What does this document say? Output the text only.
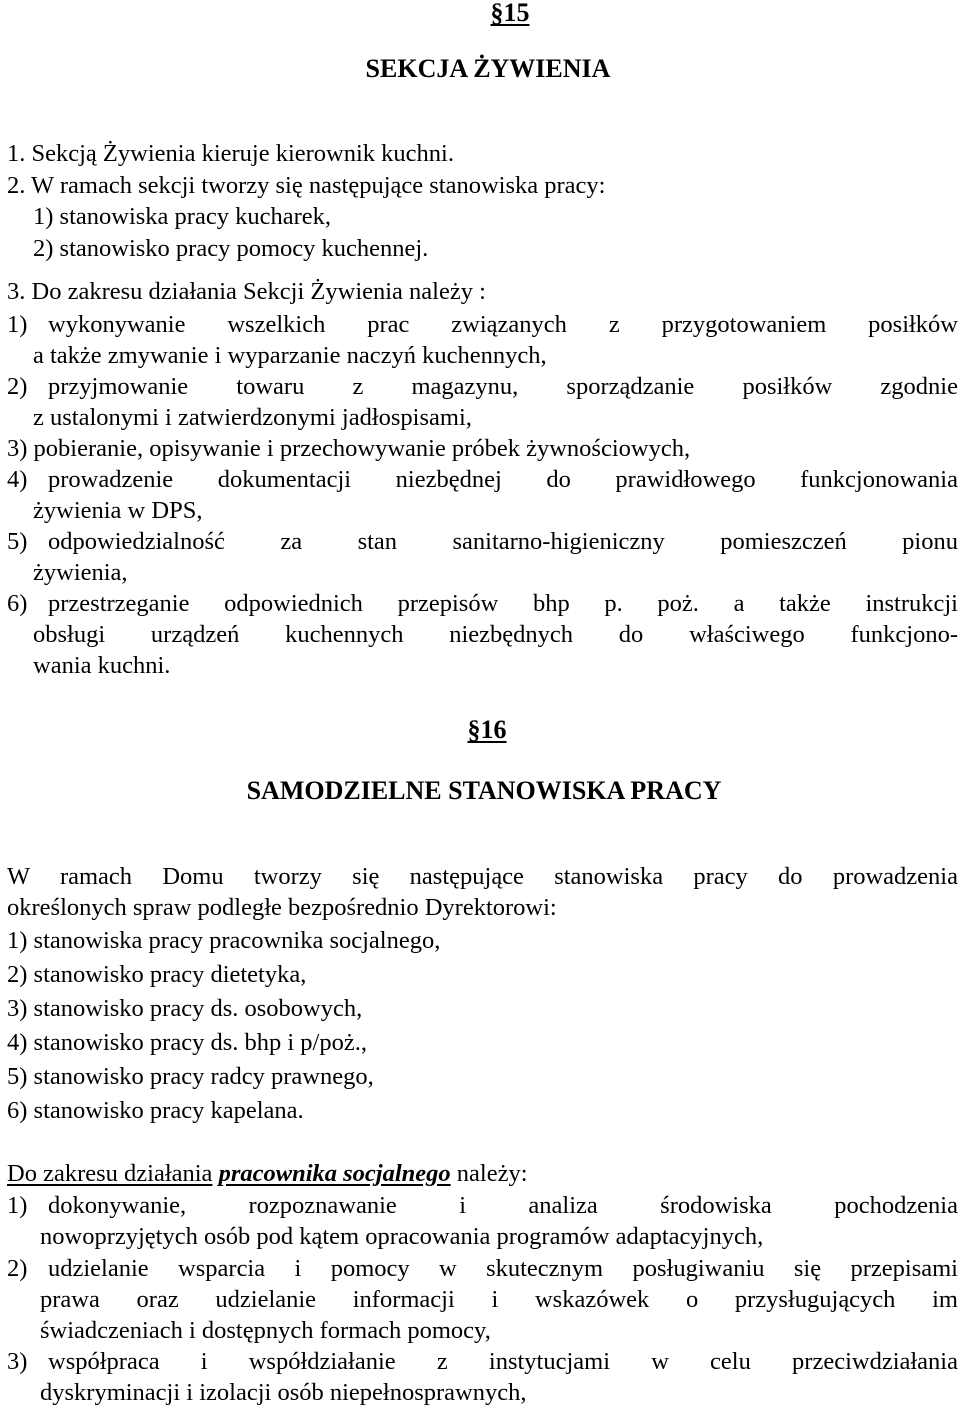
§15
SEKCJA ŻYWIENIA
1. Sekcją Żywienia kieruje kierownik kuchni.
2. W ramach sekcji tworzy się następujące stanowiska pracy:
1) stanowiska pracy kucharek,
2) stanowisko pracy pomocy kuchennej.
3. Do zakresu działania Sekcji Żywienia należy :
1) wykonywanie wszelkich prac związanych z przygotowaniem posiłków
a także zmywanie i wyparzanie naczyń kuchennych,
2) przyjmowanie towaru z magazynu, sporządzanie posiłków zgodnie
z ustalonymi i zatwierdzonymi jadłospisami,
3) pobieranie, opisywanie i przechowywanie próbek żywnościowych,
4) prowadzenie dokumentacji niezbędnej do prawidłowego funkcjonowania
żywienia w DPS,
5) odpowiedzialność za stan sanitarno-higieniczny pomieszczeń pionu
żywienia,
6) przestrzeganie odpowiednich przepisów bhp p. poż. a także instrukcji
obsługi urządzeń kuchennych niezbędnych do właściwego funkcjono-
wania kuchni.
§16
SAMODZIELNE STANOWISKA PRACY
W ramach Domu tworzy się następujące stanowiska pracy do prowadzenia
określonych spraw podległe bezpośrednio Dyrektorowi:
1) stanowiska pracy pracownika socjalnego,
2) stanowisko pracy dietetyka,
3) stanowisko pracy ds. osobowych,
4) stanowisko pracy ds. bhp i p/poż.,
5) stanowisko pracy radcy prawnego,
6) stanowisko pracy kapelana.
Do zakresu działania pracownika socjalnego należy:
1) dokonywanie, rozpoznawanie i analiza środowiska pochodzenia
nowoprzyjętych osób pod kątem opracowania programów adaptacyjnych,
2) udzielanie wsparcia i pomocy w skutecznym posługiwaniu się przepisami
prawa oraz udzielanie informacji i wskazówek o przysługujących im
świadczeniach i dostępnych formach pomocy,
3) współpraca i współdziałanie z instytucjami w celu przeciwdziałania
dyskryminacji i izolacji osób niepełnosprawnych,
